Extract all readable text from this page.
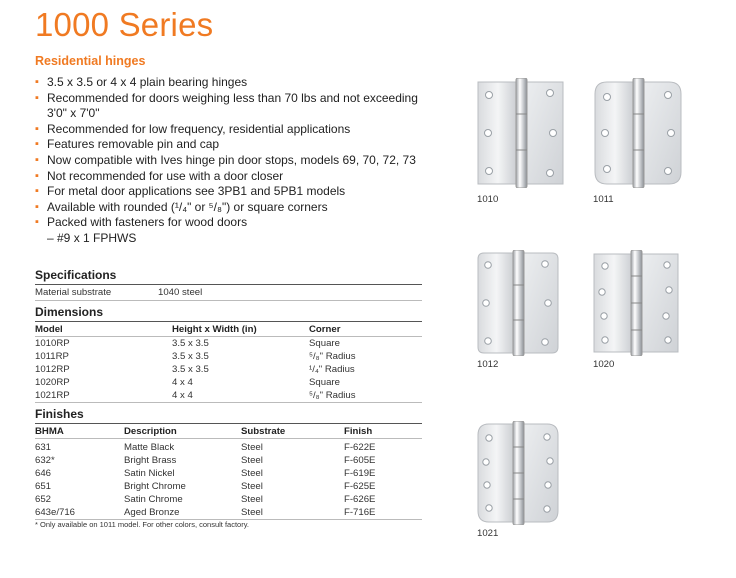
1000 Series
Residential hinges
▪ 3.5 x 3.5 or 4 x 4 plain bearing hinges
▪ Recommended for doors weighing less than 70 lbs and not exceeding 3'0" x 7'0"
▪ Recommended for low frequency, residential applications
▪ Features removable pin and cap
▪ Now compatible with Ives hinge pin door stops, models 69, 70, 72, 73
▪ Not recommended for use with a door closer
▪ For metal door applications see 3PB1 and 5PB1 models
▪ Available with rounded (¹/₄" or ⁵/₈") or square corners
▪ Packed with fasteners for wood doors
– #9 x 1 FPHWS
Specifications
Material substrate	1040 steel
Dimensions
Model	Height x Width (in)	Corner
1010RP	3.5 x 3.5	Square
1011RP	3.5 x 3.5	⁵/₈" Radius
1012RP	3.5 x 3.5	¹/₄" Radius
1020RP	4 x 4	Square
1021RP	4 x 4	⁵/₈" Radius
Finishes
BHMA	Description	Substrate	Finish
631	Matte Black	Steel	F-622E
632*	Bright Brass	Steel	F-605E
646	Satin Nickel	Steel	F-619E
651	Bright Chrome	Steel	F-625E
652	Satin Chrome	Steel	F-626E
643e/716	Aged Bronze	Steel	F-716E
* Only available on 1011 model. For other colors, consult factory.
1010	1011
1012	1020
1021
